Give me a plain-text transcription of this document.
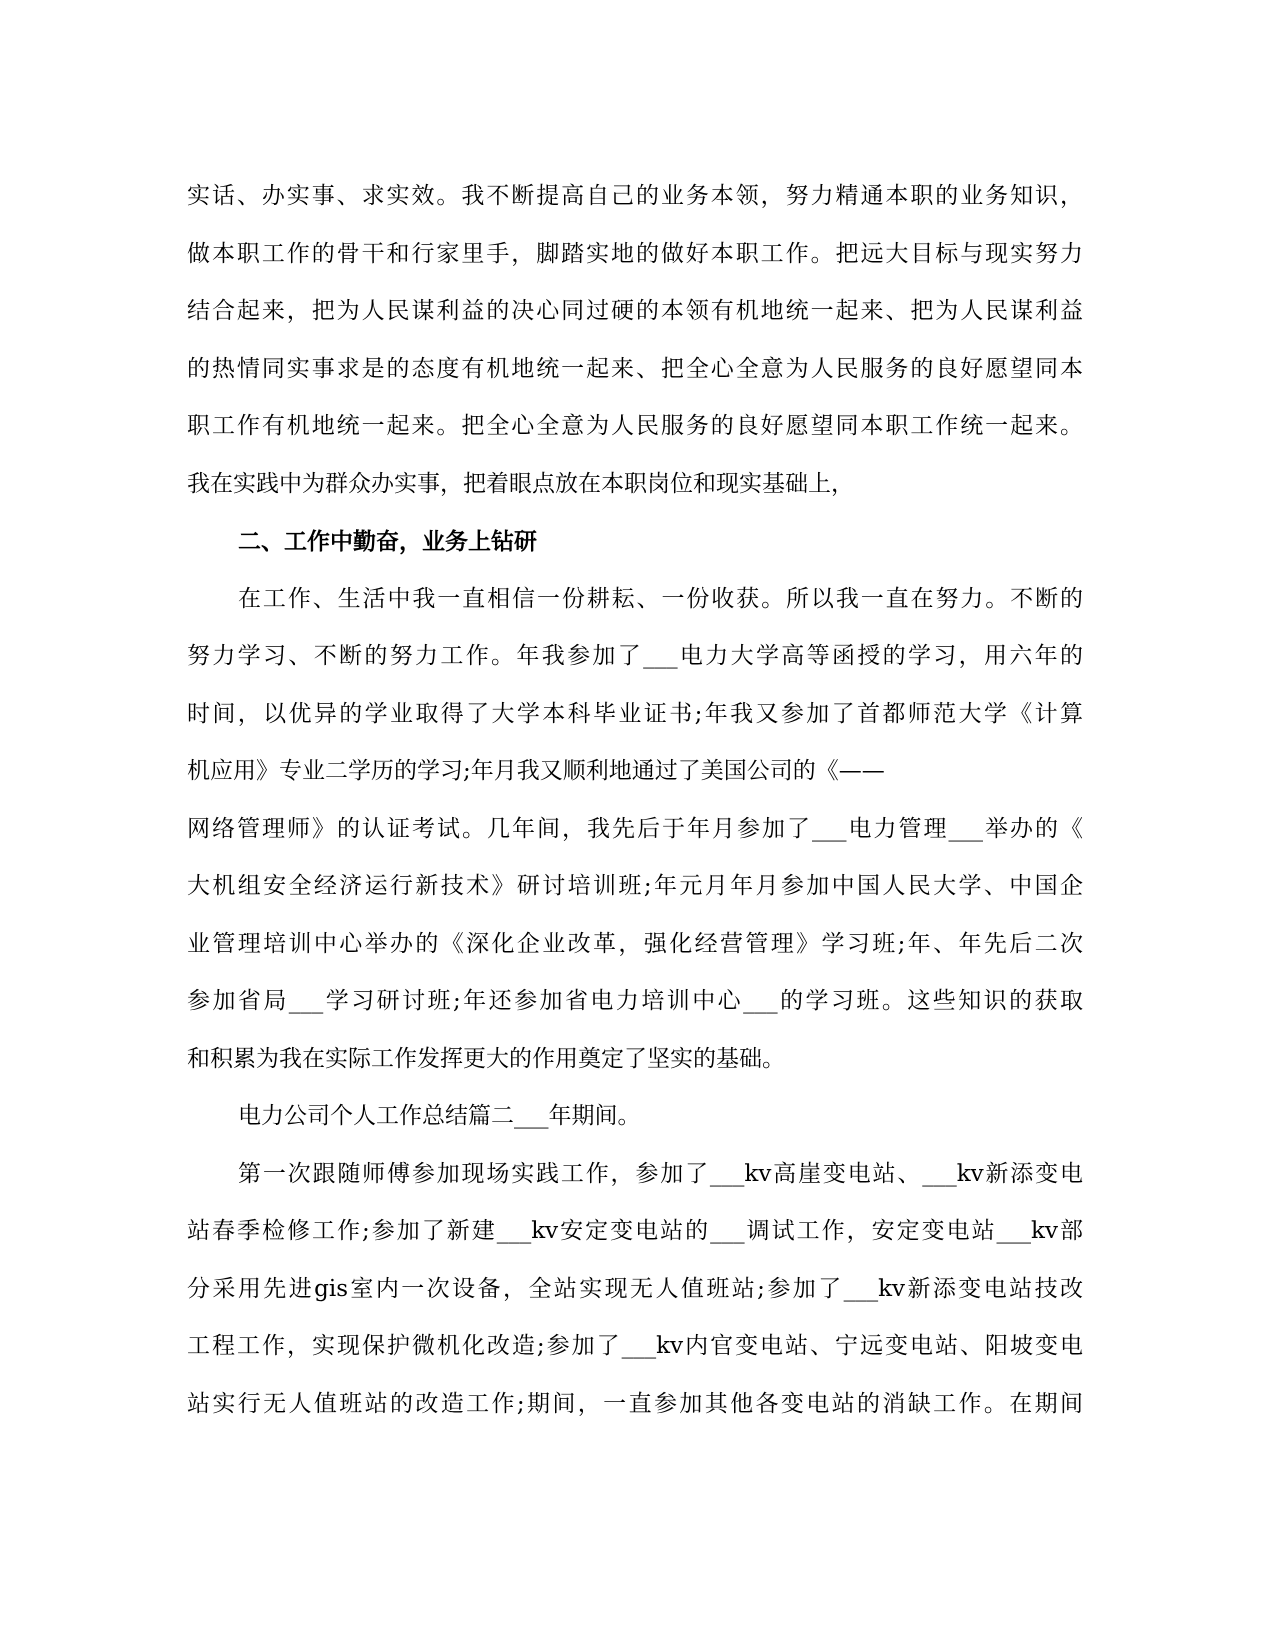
实话、办实事、求实效。我不断提高自己的业务本领，努力精通本职的业务知识，
做本职工作的骨干和行家里手，脚踏实地的做好本职工作。把远大目标与现实努力
结合起来，把为人民谋利益的决心同过硬的本领有机地统一起来、把为人民谋利益
的热情同实事求是的态度有机地统一起来、把全心全意为人民服务的良好愿望同本
职工作有机地统一起来。把全心全意为人民服务的良好愿望同本职工作统一起来。
我在实践中为群众办实事，把着眼点放在本职岗位和现实基础上，
二、工作中勤奋，业务上钻研
在工作、生活中我一直相信一份耕耘、一份收获。所以我一直在努力。不断的
努力学习、不断的努力工作。年我参加了___电力大学高等函授的学习，用六年的
时间，以优异的学业取得了大学本科毕业证书;年我又参加了首都师范大学《计算
机应用》专业二学历的学习;年月我又顺利地通过了美国公司的《——
网络管理师》的认证考试。几年间，我先后于年月参加了___电力管理___举办的《
大机组安全经济运行新技术》研讨培训班;年元月年月参加中国人民大学、中国企
业管理培训中心举办的《深化企业改革，强化经营管理》学习班;年、年先后二次
参加省局___学习研讨班;年还参加省电力培训中心___的学习班。这些知识的获取
和积累为我在实际工作发挥更大的作用奠定了坚实的基础。
电力公司个人工作总结篇二___年期间。
第一次跟随师傅参加现场实践工作，参加了___kv高崖变电站、___kv新添变电
站春季检修工作;参加了新建___kv安定变电站的___调试工作，安定变电站___kv部
分采用先进gis室内一次设备，全站实现无人值班站;参加了___kv新添变电站技改
工程工作，实现保护微机化改造;参加了___kv内官变电站、宁远变电站、阳坡变电
站实行无人值班站的改造工作;期间，一直参加其他各变电站的消缺工作。在期间
